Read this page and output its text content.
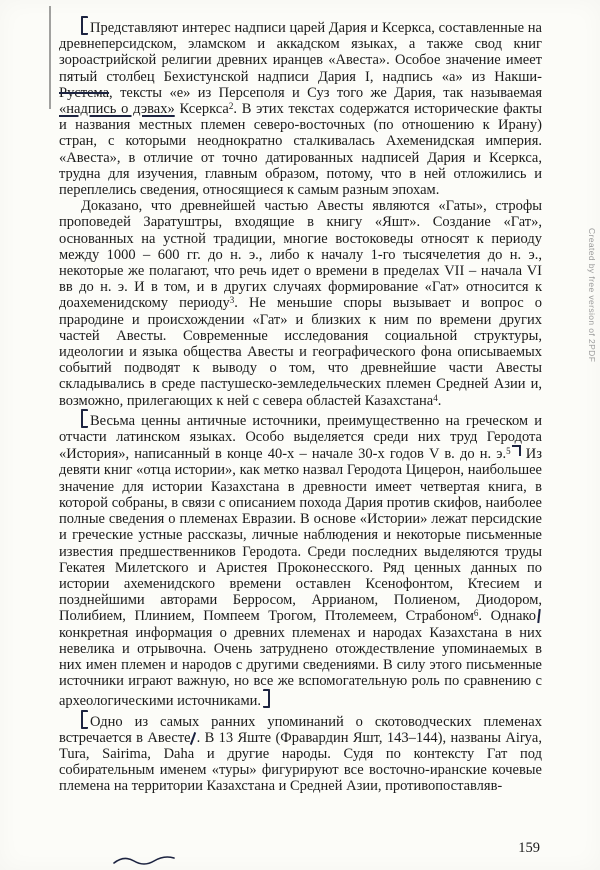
Представляют интерес надписи царей Дария и Ксеркса, составленные на древнеперсидском, эламском и аккадском языках, а также свод книг зороастрийской религии древних иранцев «Авеста». Особое значение имеет пятый столбец Бехистунской надписи Дария I, надпись «а» из Накши-Рустема, тексты «е» из Персеполя и Суз того же Дария, так называемая «надпись о дэвах» Ксеркса$^2$. В этих текстах содержатся исторические факты и названия местных племен северо-восточных (по отношению к Ирану) стран, с которыми неоднократно сталкивалась Ахеменидская империя. «Авеста», в отличие от точно датированных надписей Дария и Ксеркса, трудна для изучения, главным образом, потому, что в ней отложились и переплелись сведения, относящиеся к самым разным эпохам.

Доказано, что древнейшей частью Авесты являются «Гаты», строфы проповедей Заратуштры, входящие в книгу «Яшт». Создание «Гат», основанных на устной традиции, многие востоковеды относят к периоду между 1000 – 600 гг. до н. э., либо к началу 1-го тысячелетия до н. э., некоторые же полагают, что речь идет о времени в пределах VII – начала VI вв до н. э. И в том, и в других случаях формирование «Гат» относится к доахеменидскому периоду$^3$. Не меньшие споры вызывает и вопрос о прародине и происхождении «Гат» и близких к ним по времени других частей Авесты. Современные исследования социальной структуры, идеологии и языка общества Авесты и географического фона описываемых событий подводят к выводу о том, что древнейшие части Авесты складывались в среде пастушеско-земледельческих племен Средней Азии и, возможно, прилегающих к ней с севера областей Казахстана$^4$.

Весьма ценны античные источники, преимущественно на греческом и отчасти латинском языках. Особо выделяется среди них труд Геродота «История», написанный в конце 40-х – начале 30-х годов V в. до н. э.$^5$ Из девяти книг «отца истории», как метко назвал Геродота Цицерон, наибольшее значение для истории Казахстана в древности имеет четвертая книга, в которой собраны, в связи с описанием похода Дария против скифов, наиболее полные сведения о племенах Евразии. В основе «Истории» лежат персидские и греческие устные рассказы, личные наблюдения и некоторые письменные известия предшественников Геродота. Среди последних выделяются труды Гекатея Милетского и Аристея Проконесского. Ряд ценных данных по истории ахеменидского времени оставлен Ксенофонтом, Ктесием и позднейшими авторами Берросом, Аррианом, Полиеном, Диодором, Полибием, Плинием, Помпеем Трогом, Птолемеем, Страбоном$^6$. Однако конкретная информация о древних племенах и народах Казахстана в них невелика и отрывочна. Очень затруднено отождествление упоминаемых в них имен племен и народов с другими сведениями. В силу этого письменные источники играют важную, но все же вспомогательную роль по сравнению с археологическими источниками.

Одно из самых ранних упоминаний о скотоводческих племенах встречается в Авесте . В 13 Яште (Фравардин Яшт, 143–144), названы Airya, Tura, Sairima, Daha и другие народы. Судя по контексту Гат под собирательным именем «туры» фигурируют все восточно-иранские кочевые племена на территории Казахстана и Средней Азии, противопоставляв-

159
Created by free version of 2PDF
